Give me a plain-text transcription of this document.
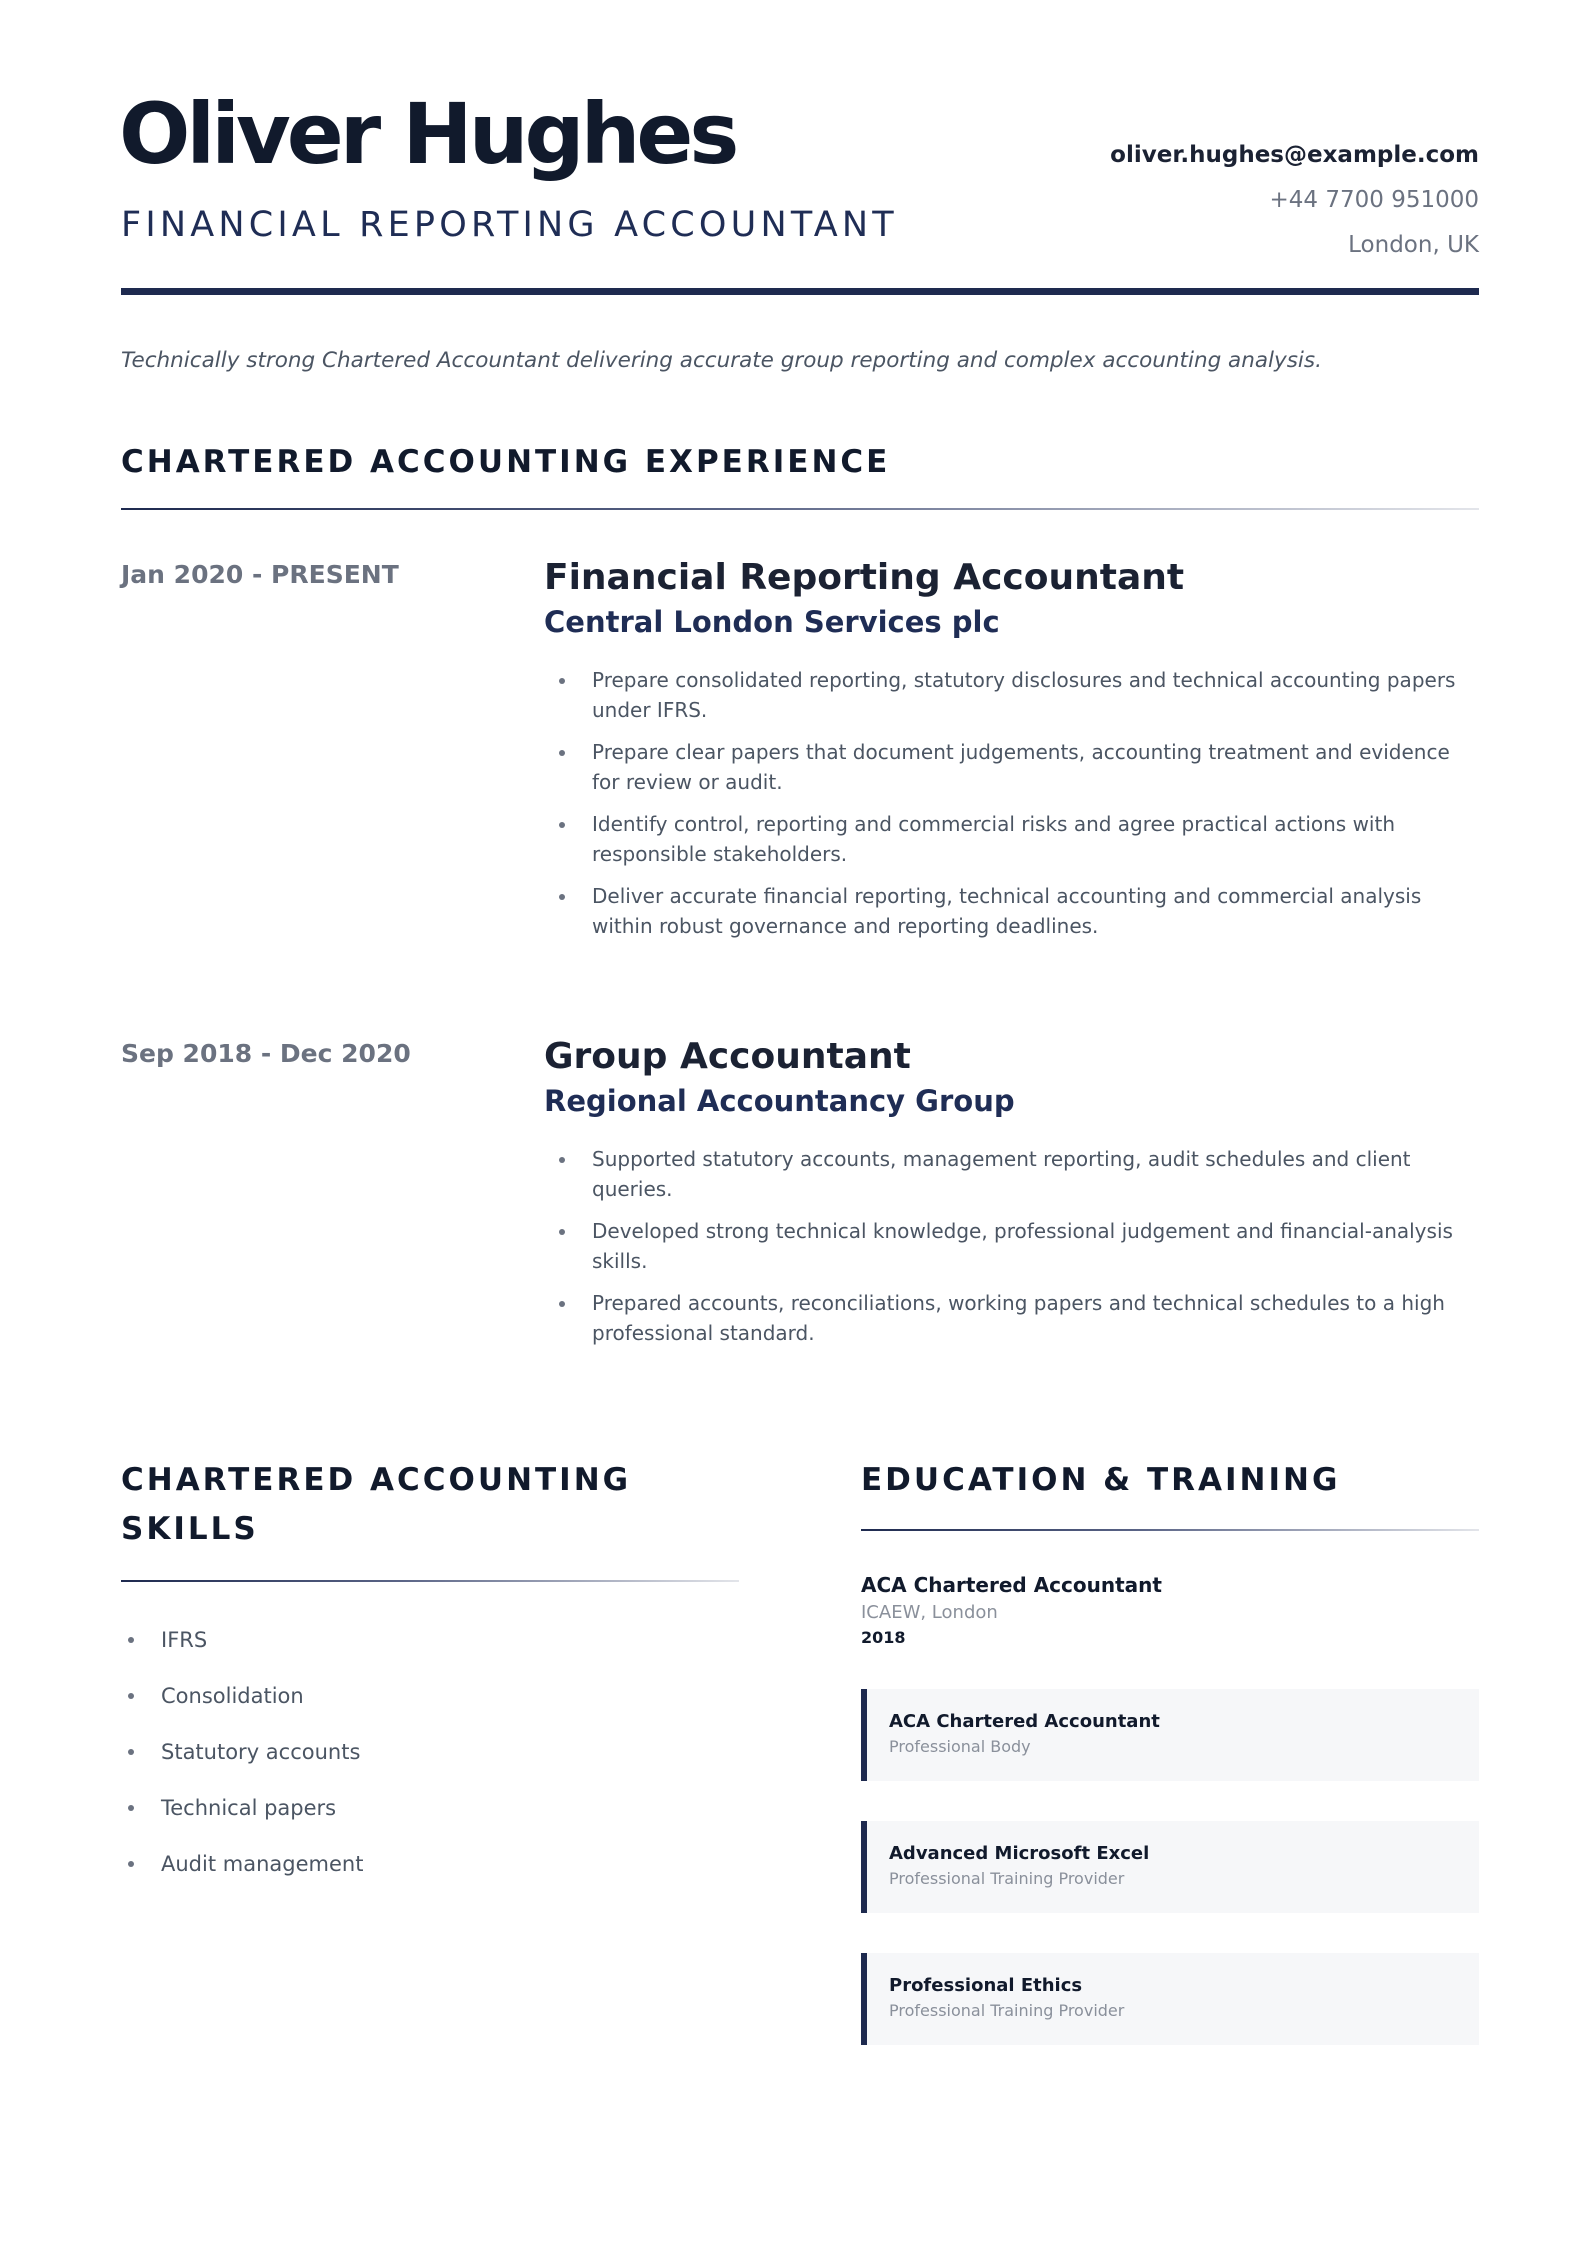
Oliver Hughes
FINANCIAL REPORTING ACCOUNTANT
oliver.hughes@example.com
+44 7700 951000
London, UK

Technically strong Chartered Accountant delivering accurate group reporting and complex accounting analysis.

CHARTERED ACCOUNTING EXPERIENCE
Jan 2020 - PRESENT	Financial Reporting Accountant
Central London Services plc
Prepare consolidated reporting, statutory disclosures and technical accounting papers under IFRS.
Prepare clear papers that document judgements, accounting treatment and evidence for review or audit.
Identify control, reporting and commercial risks and agree practical actions with responsible stakeholders.
Deliver accurate financial reporting, technical accounting and commercial analysis within robust governance and reporting deadlines.
Sep 2018 - Dec 2020	Group Accountant
Regional Accountancy Group
Supported statutory accounts, management reporting, audit schedules and client queries.
Developed strong technical knowledge, professional judgement and financial-analysis skills.
Prepared accounts, reconciliations, working papers and technical schedules to a high professional standard.
CHARTERED ACCOUNTING
SKILLS
IFRS
Consolidation
Statutory accounts
Technical papers
Audit management
EDUCATION & TRAINING
ACA Chartered Accountant
ICAEW, London
2018
ACA Chartered Accountant
Professional Body
Advanced Microsoft Excel
Professional Training Provider
Professional Ethics
Professional Training Provider
